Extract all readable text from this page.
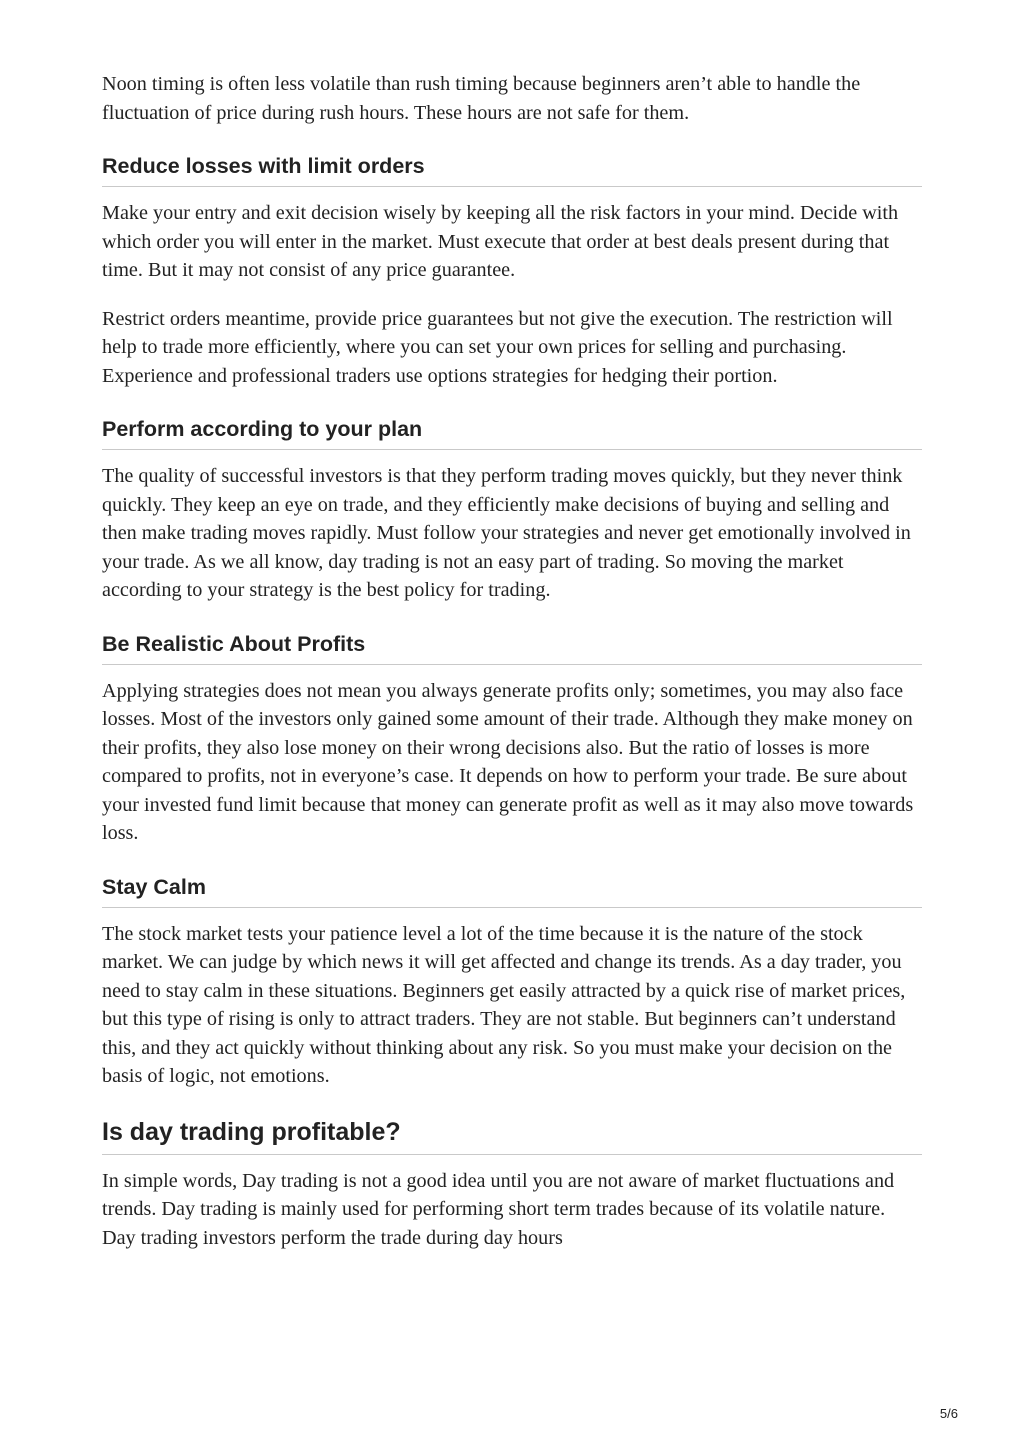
Noon timing is often less volatile than rush timing because beginners aren’t able to handle the fluctuation of price during rush hours. These hours are not safe for them.

Reduce losses with limit orders

Make your entry and exit decision wisely by keeping all the risk factors in your mind. Decide with which order you will enter in the market. Must execute that order at best deals present during that time. But it may not consist of any price guarantee.

Restrict orders meantime, provide price guarantees but not give the execution. The restriction will help to trade more efficiently, where you can set your own prices for selling and purchasing. Experience and professional traders use options strategies for hedging their portion.

Perform according to your plan

The quality of successful investors is that they perform trading moves quickly, but they never think quickly. They keep an eye on trade, and they efficiently make decisions of buying and selling and then make trading moves rapidly. Must follow your strategies and never get emotionally involved in your trade. As we all know, day trading is not an easy part of trading. So moving the market according to your strategy is the best policy for trading.

Be Realistic About Profits

Applying strategies does not mean you always generate profits only; sometimes, you may also face losses. Most of the investors only gained some amount of their trade. Although they make money on their profits, they also lose money on their wrong decisions also. But the ratio of losses is more compared to profits, not in everyone’s case. It depends on how to perform your trade. Be sure about your invested fund limit because that money can generate profit as well as it may also move towards loss.

Stay Calm

The stock market tests your patience level a lot of the time because it is the nature of the stock market. We can judge by which news it will get affected and change its trends. As a day trader, you need to stay calm in these situations. Beginners get easily attracted by a quick rise of market prices, but this type of rising is only to attract traders. They are not stable. But beginners can’t understand this, and they act quickly without thinking about any risk. So you must make your decision on the basis of logic, not emotions.

Is day trading profitable?

In simple words, Day trading is not a good idea until you are not aware of market fluctuations and trends. Day trading is mainly used for performing short term trades because of its volatile nature. Day trading investors perform the trade during day hours

5/6
